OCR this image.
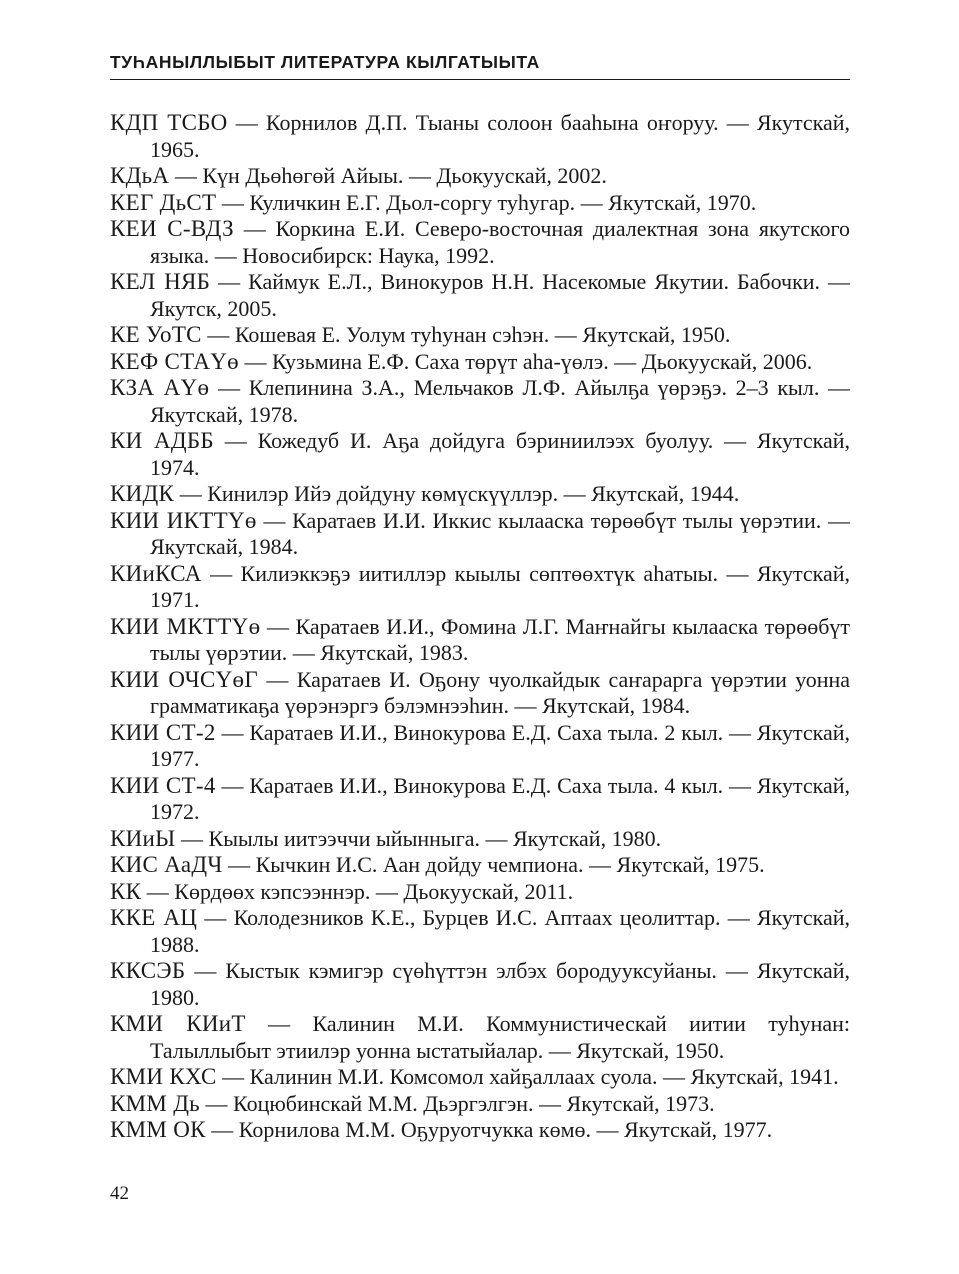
ТУҺАНЫЛЛЫБЫТ ЛИТЕРАТУРА КЫЛГАТЫЫТА
КДП ТСБО — Корнилов Д.П. Тыаны солоон бааһына оҥоруу. — Якутскай, 1965.
КДьА — Күн Дьөһөгөй Айыы. — Дьокуускай, 2002.
КЕГ ДьСТ — Куличкин Е.Г. Дьол-соргу туһугар. — Якутскай, 1970.
КЕИ С-ВДЗ — Коркина Е.И. Северо-восточная диалектная зона якутского языка. — Новосибирск: Наука, 1992.
КЕЛ НЯБ — Каймук Е.Л., Винокуров Н.Н. Насекомые Якутии. Бабочки. — Якутск, 2005.
КЕ УоТС — Кошевая Е. Уолум туһунан сэһэн. — Якутскай, 1950.
КЕФ СТАҮө — Кузьмина Е.Ф. Саха төрүт аһа-үөлэ. — Дьокуускай, 2006.
КЗА АҮө — Клепинина З.А., Мельчаков Л.Ф. Айылҕа үөрэҕэ. 2–3 кыл. — Якутскай, 1978.
КИ АДББ — Кожедуб И. Аҕа дойдуга бэриниилээх буолуу. — Якутскай, 1974.
КИДК — Кинилэр Ийэ дойдуну көмүскүүллэр. — Якутскай, 1944.
КИИ ИКТТҮө — Каратаев И.И. Иккис кылааска төрөөбүт тылы үөрэтии. — Якутскай, 1984.
КИиКСА — Килиэккэҕэ иитиллэр кыылы сөптөөхтүк аһатыы. — Якутскай, 1971.
КИИ МКТТҮө — Каратаев И.И., Фомина Л.Г. Маҥнайгы кылааска төрөөбүт тылы үөрэтии. — Якутскай, 1983.
КИИ ОЧСҮөГ — Каратаев И. Оҕону чуолкайдык саҥарарга үөрэтии уонна грамматикаҕа үөрэнэргэ бэлэмнээһин. — Якутскай, 1984.
КИИ СТ-2 — Каратаев И.И., Винокурова Е.Д. Саха тыла. 2 кыл. — Якутскай, 1977.
КИИ СТ-4 — Каратаев И.И., Винокурова Е.Д. Саха тыла. 4 кыл. — Якутскай, 1972.
КИиЫ — Кыылы иитээччи ыйынныга. — Якутскай, 1980.
КИС АаДЧ — Кычкин И.С. Аан дойду чемпиона. — Якутскай, 1975.
КК — Көрдөөх кэпсээннэр. — Дьокуускай, 2011.
ККЕ АЦ — Колодезников К.Е., Бурцев И.С. Аптаах цеолиттар. — Якутскай, 1988.
ККСЭБ — Кыстык кэмигэр сүөһүттэн элбэх бородууксуйаны. — Якутскай, 1980.
КМИ КИиТ — Калинин М.И. Коммунистическай иитии туһунан: Талыллыбыт этиилэр уонна ыстатыйалар. — Якутскай, 1950.
КМИ КХС — Калинин М.И. Комсомол хайҕаллаах суола. — Якутскай, 1941.
КММ Дь — Коцюбинскай М.М. Дьэргэлгэн. — Якутскай, 1973.
КММ ОК — Корнилова М.М. Оҕуруотчукка көмө. — Якутскай, 1977.
42
